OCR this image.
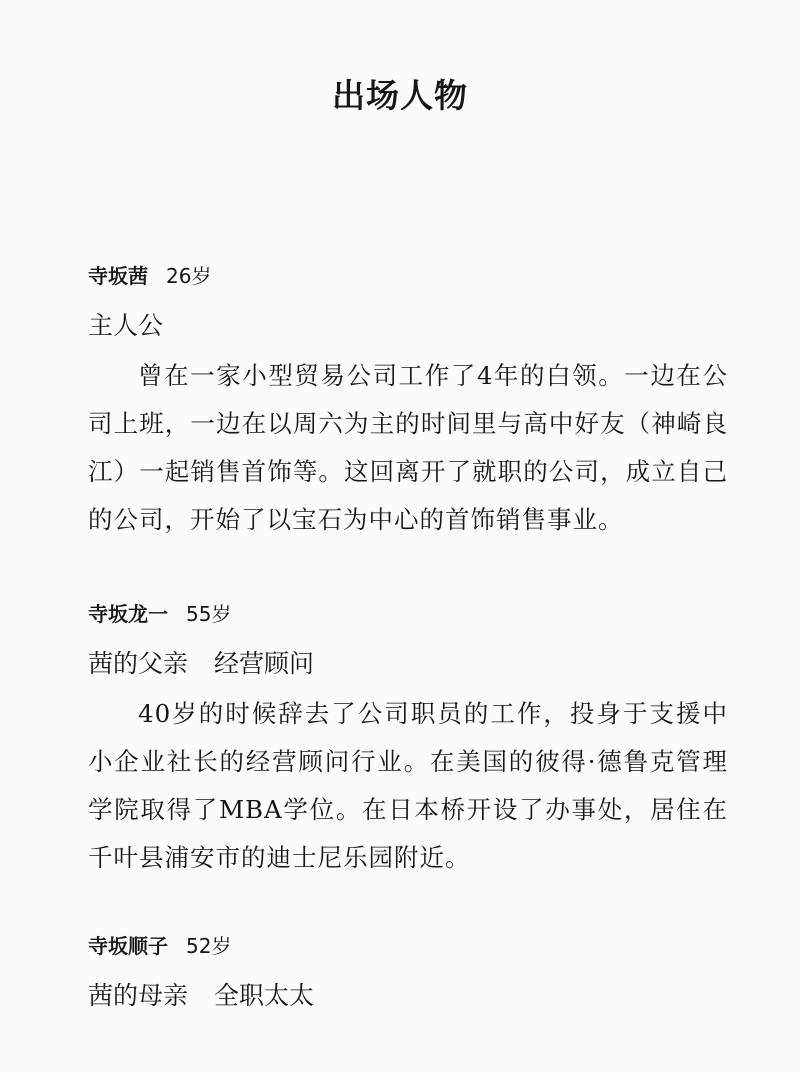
出场人物
寺坂茜 26岁
主人公

曾在一家小型贸易公司工作了4年的白领。一边在公司上班，一边在以周六为主的时间里与高中好友（神崎良江）一起销售首饰等。这回离开了就职的公司，成立自己的公司，开始了以宝石为中心的首饰销售事业。

寺坂龙一 55岁
茜的父亲 经营顾问

40岁的时候辞去了公司职员的工作，投身于支援中小企业社长的经营顾问行业。在美国的彼得·德鲁克管理学院取得了MBA学位。在日本桥开设了办事处，居住在千叶县浦安市的迪士尼乐园附近。

寺坂顺子 52岁
茜的母亲 全职太太
